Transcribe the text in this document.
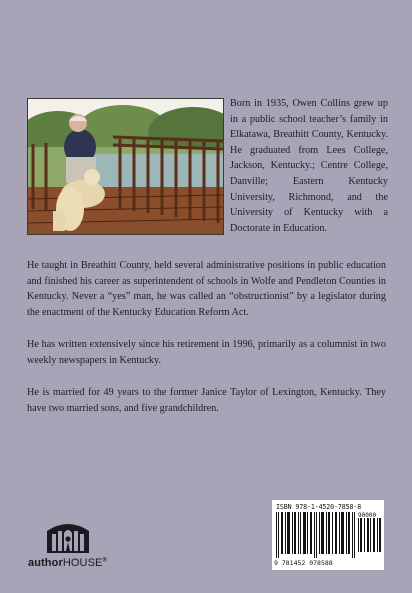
Born in 1935, Owen Collins grew up in a public school teacher’s family in Elkatawa, Breathitt County, Kentucky. He graduated from Lees College, Jackson, Kentucky.; Centre College, Danville; Eastern Kentucky University, Richmond, and the University of Kentucky with a Doctorate in Education.

He taught in Breathitt County, held several administrative positions in public education and finished his career as superintendent of schools in Wolfe and Pendleton Counties in Kentucky. Never a “yes” man, he was called an “obstructionist” by a legislator during the enactment of the Kentucky Education Reform Act.

He has written extensively since his retirement in 1996, primarily as a columnist in two weekly newspapers in Kentucky.

He is married for 49 years to the former Janice Taylor of Lexington, Kentucky. They have two married sons, and five grandchildren.

authorHOUSE®
ISBN 978-1-4520-7858-8
90000
9 781452 078588
